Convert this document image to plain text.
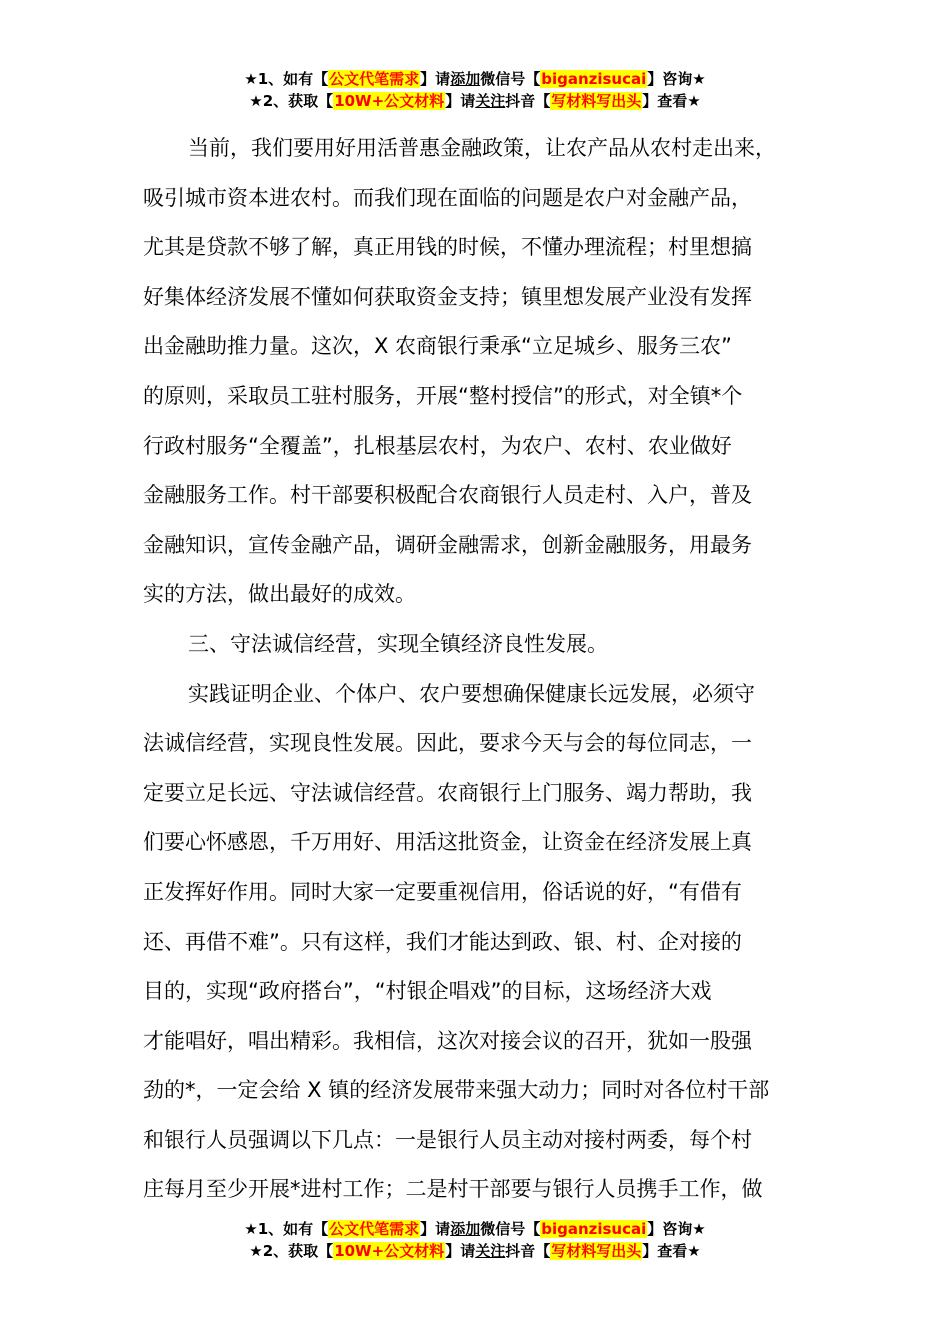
★1、如有【公文代笔需求】请添加微信号【biganzisucai】咨询★
★2、获取【10W+公文材料】请关注抖音【写材料写出头】查看★

当前，我们要用好用活普惠金融政策，让农产品从农村走出来，
吸引城市资本进农村。而我们现在面临的问题是农户对金融产品，
尤其是贷款不够了解，真正用钱的时候，不懂办理流程；村里想搞
好集体经济发展不懂如何获取资金支持；镇里想发展产业没有发挥
出金融助推力量。这次，X 农商银行秉承“立足城乡、服务三农”
的原则，采取员工驻村服务，开展“整村授信”的形式，对全镇*个
行政村服务“全覆盖”，扎根基层农村，为农户、农村、农业做好
金融服务工作。村干部要积极配合农商银行人员走村、入户，普及
金融知识，宣传金融产品，调研金融需求，创新金融服务，用最务
实的方法，做出最好的成效。

三、守法诚信经营，实现全镇经济良性发展。

实践证明企业、个体户、农户要想确保健康长远发展，必须守
法诚信经营，实现良性发展。因此，要求今天与会的每位同志，一
定要立足长远、守法诚信经营。农商银行上门服务、竭力帮助，我
们要心怀感恩，千万用好、用活这批资金，让资金在经济发展上真
正发挥好作用。同时大家一定要重视信用，俗话说的好，“有借有
还、再借不难”。只有这样，我们才能达到政、银、村、企对接的
目的，实现“政府搭台”，“村银企唱戏”的目标，这场经济大戏
才能唱好，唱出精彩。我相信，这次对接会议的召开，犹如一股强
劲的*，一定会给 X 镇的经济发展带来强大动力；同时对各位村干部
和银行人员强调以下几点：一是银行人员主动对接村两委，每个村
庄每月至少开展*进村工作；二是村干部要与银行人员携手工作，做

★1、如有【公文代笔需求】请添加微信号【biganzisucai】咨询★
★2、获取【10W+公文材料】请关注抖音【写材料写出头】查看★
